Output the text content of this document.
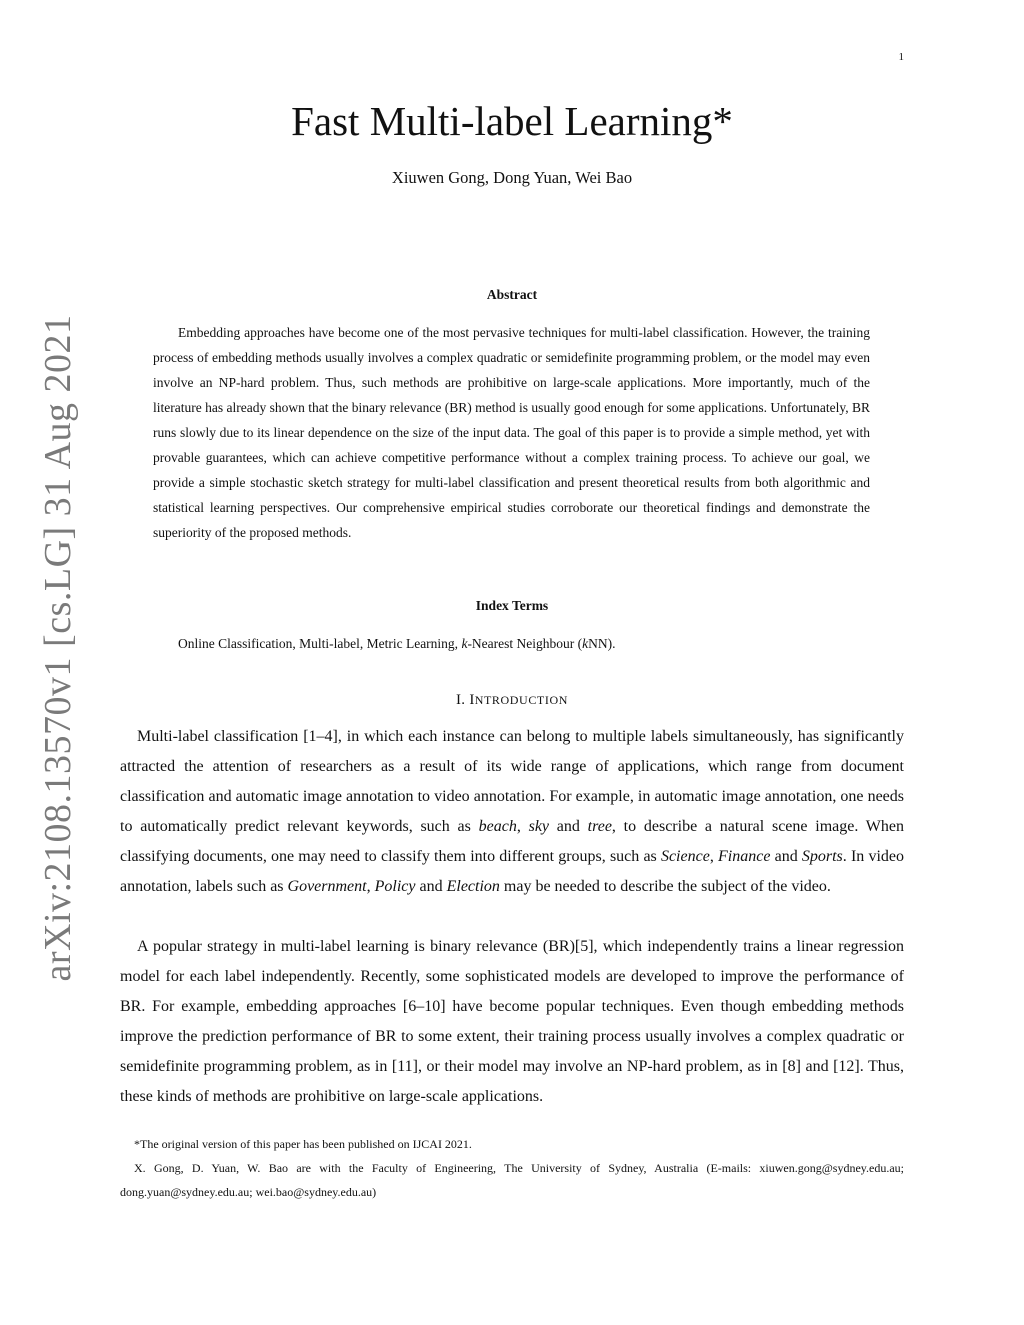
1
arXiv:2108.13570v1 [cs.LG] 31 Aug 2021
Fast Multi-label Learning*
Xiuwen Gong, Dong Yuan, Wei Bao
Abstract

Embedding approaches have become one of the most pervasive techniques for multi-label classification. However, the training process of embedding methods usually involves a complex quadratic or semidefinite programming problem, or the model may even involve an NP-hard problem. Thus, such methods are prohibitive on large-scale applications. More importantly, much of the literature has already shown that the binary relevance (BR) method is usually good enough for some applications. Unfortunately, BR runs slowly due to its linear dependence on the size of the input data. The goal of this paper is to provide a simple method, yet with provable guarantees, which can achieve competitive performance without a complex training process. To achieve our goal, we provide a simple stochastic sketch strategy for multi-label classification and present theoretical results from both algorithmic and statistical learning perspectives. Our comprehensive empirical studies corroborate our theoretical findings and demonstrate the superiority of the proposed methods.

Index Terms
Online Classification, Multi-label, Metric Learning, k-Nearest Neighbour (kNN).
I. INTRODUCTION

Multi-label classification [1–4], in which each instance can belong to multiple labels simultaneously, has significantly attracted the attention of researchers as a result of its wide range of applications, which range from document classification and automatic image annotation to video annotation. For example, in automatic image annotation, one needs to automatically predict relevant keywords, such as beach, sky and tree, to describe a natural scene image. When classifying documents, one may need to classify them into different groups, such as Science, Finance and Sports. In video annotation, labels such as Government, Policy and Election may be needed to describe the subject of the video.

A popular strategy in multi-label learning is binary relevance (BR)[5], which independently trains a linear regression model for each label independently. Recently, some sophisticated models are developed to improve the performance of BR. For example, embedding approaches [6–10] have become popular techniques. Even though embedding methods improve the prediction performance of BR to some extent, their training process usually involves a complex quadratic or semidefinite programming problem, as in [11], or their model may involve an NP-hard problem, as in [8] and [12]. Thus, these kinds of methods are prohibitive on large-scale applications.

*The original version of this paper has been published on IJCAI 2021.

X. Gong, D. Yuan, W. Bao are with the Faculty of Engineering, The University of Sydney, Australia (E-mails: xiuwen.gong@sydney.edu.au; dong.yuan@sydney.edu.au; wei.bao@sydney.edu.au)
